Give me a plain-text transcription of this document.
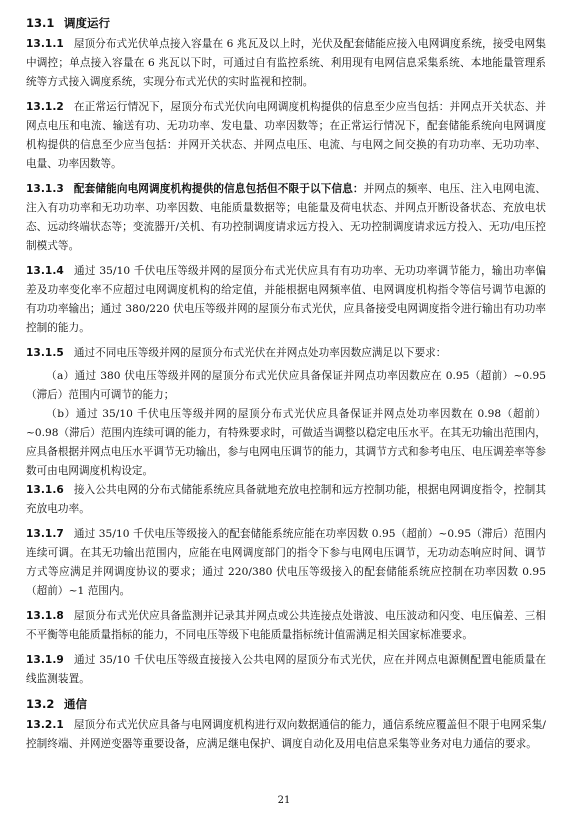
13.1 调度运行

13.1.1 屋顶分布式光伏单点接入容量在 6 兆瓦及以上时，光伏及配套储能应接入电网调度系统，接受电网集中调控；单点接入容量在 6 兆瓦以下时，可通过自有监控系统、利用现有电网信息采集系统、本地能量管理系统等方式接入调度系统，实现分布式光伏的实时监视和控制。

13.1.2 在正常运行情况下，屋顶分布式光伏向电网调度机构提供的信息至少应当包括：并网点开关状态、并网点电压和电流、输送有功、无功功率、发电量、功率因数等；在正常运行情况下，配套储能系统向电网调度机构提供的信息至少应当包括：并网开关状态、并网点电压、电流、与电网之间交换的有功功率、无功功率、电量、功率因数等。

13.1.3 配套储能向电网调度机构提供的信息包括但不限于以下信息：并网点的频率、电压、注入电网电流、注入有功功率和无功功率、功率因数、电能质量数据等；电能量及荷电状态、并网点开断设备状态、充放电状态、远动终端状态等；变流器开/关机、有功控制调度请求远方投入、无功控制调度请求远方投入、无功/电压控制模式等。

13.1.4 通过 35/10 千伏电压等级并网的屋顶分布式光伏应具有有功功率、无功功率调节能力，输出功率偏差及功率变化率不应超过电网调度机构的给定值，并能根据电网频率值、电网调度机构指令等信号调节电源的有功功率输出；通过 380/220 伏电压等级并网的屋顶分布式光伏，应具备接受电网调度指令进行输出有功功率控制的能力。

13.1.5 通过不同电压等级并网的屋顶分布式光伏在并网点处功率因数应满足以下要求：

（a）通过 380 伏电压等级并网的屋顶分布式光伏应具备保证并网点功率因数应在 0.95（超前）~0.95（滞后）范围内可调节的能力；

（b）通过 35/10 千伏电压等级并网的屋顶分布式光伏应具备保证并网点处功率因数在 0.98（超前）~0.98（滞后）范围内连续可调的能力，有特殊要求时，可做适当调整以稳定电压水平。在其无功输出范围内，应具备根据并网点电压水平调节无功输出，参与电网电压调节的能力，其调节方式和参考电压、电压调差率等参数可由电网调度机构设定。

13.1.6 接入公共电网的分布式储能系统应具备就地充放电控制和远方控制功能，根据电网调度指令，控制其充放电功率。

13.1.7 通过 35/10 千伏电压等级接入的配套储能系统应能在功率因数 0.95（超前）~0.95（滞后）范围内连续可调。在其无功输出范围内，应能在电网调度部门的指令下参与电网电压调节，无功动态响应时间、调节方式等应满足并网调度协议的要求；通过 220/380 伏电压等级接入的配套储能系统应控制在功率因数 0.95（超前）~1 范围内。

13.1.8 屋顶分布式光伏应具备监测并记录其并网点或公共连接点处谐波、电压波动和闪变、电压偏差、三相不平衡等电能质量指标的能力，不同电压等级下电能质量指标统计值需满足相关国家标准要求。

13.1.9 通过 35/10 千伏电压等级直接接入公共电网的屋顶分布式光伏，应在并网点电源侧配置电能质量在线监测装置。

13.2 通信

13.2.1 屋顶分布式光伏应具备与电网调度机构进行双向数据通信的能力，通信系统应覆盖但不限于电网采集/控制终端、并网逆变器等重要设备，应满足继电保护、调度自动化及用电信息采集等业务对电力通信的要求。

21
